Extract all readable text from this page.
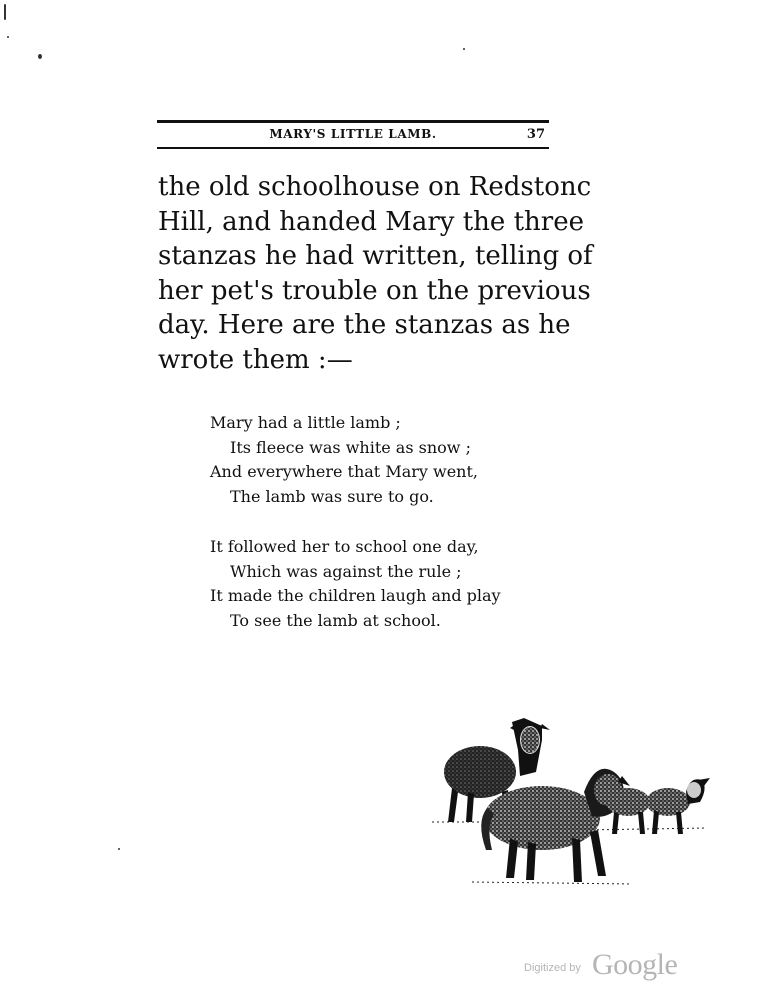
MARY'S LITTLE LAMB.	37
the old schoolhouse on Redstonc
Hill, and handed Mary the three
stanzas he had written, telling of
her pet's trouble on the previous
day. Here are the stanzas as he
wrote them :—
Mary had a little lamb ;
Its fleece was white as snow ;
And everywhere that Mary went,
The lamb was sure to go.
It followed her to school one day,
Which was against the rule ;
It made the children laugh and play
To see the lamb at school.
Digitized by Google
